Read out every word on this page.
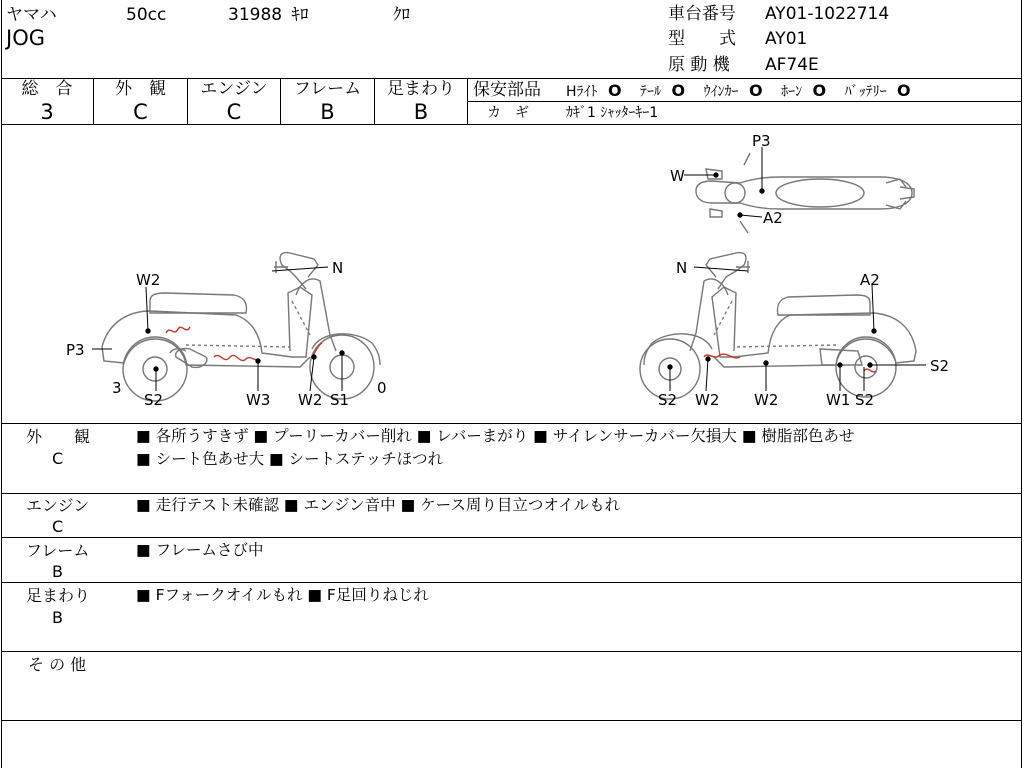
ヤマハ	50cc	31988 ｷﾛ	ｸﾛ
JOG
車台番号 AY01-1022714
型　　式 AY01
原 動 機 AF74E
総　合
3
外　観
C
エンジン
C
フレーム
B
足まわり
B
保安部品 Hﾗｲﾄ O ﾃｰﾙ O ｳｲﾝｶｰ O ﾎｰﾝ O ﾊﾞｯﾃﾘｰ O
カ　ギ	ｶｷﾞ1 ｼｬｯﾀｰｷｰ1
W2
N
P3
3
S2	W3 W2 S1
0
N
A2
S2
S2 W2 W2	W1 S2
P3
W
A2
外　　観
C
■ 各所うすきず ■ プーリーカバー削れ ■ レバーまがり ■ サイレンサーカバー欠損大 ■ 樹脂部色あせ
■ シート色あせ大 ■ シートステッチほつれ
エンジン
C
■ 走行テスト未確認 ■ エンジン音中 ■ ケース周り目立つオイルもれ
フレーム
B
■ フレームさび中
足まわり
B
■ Fフォークオイルもれ ■ F足回りねじれ
そ の 他
